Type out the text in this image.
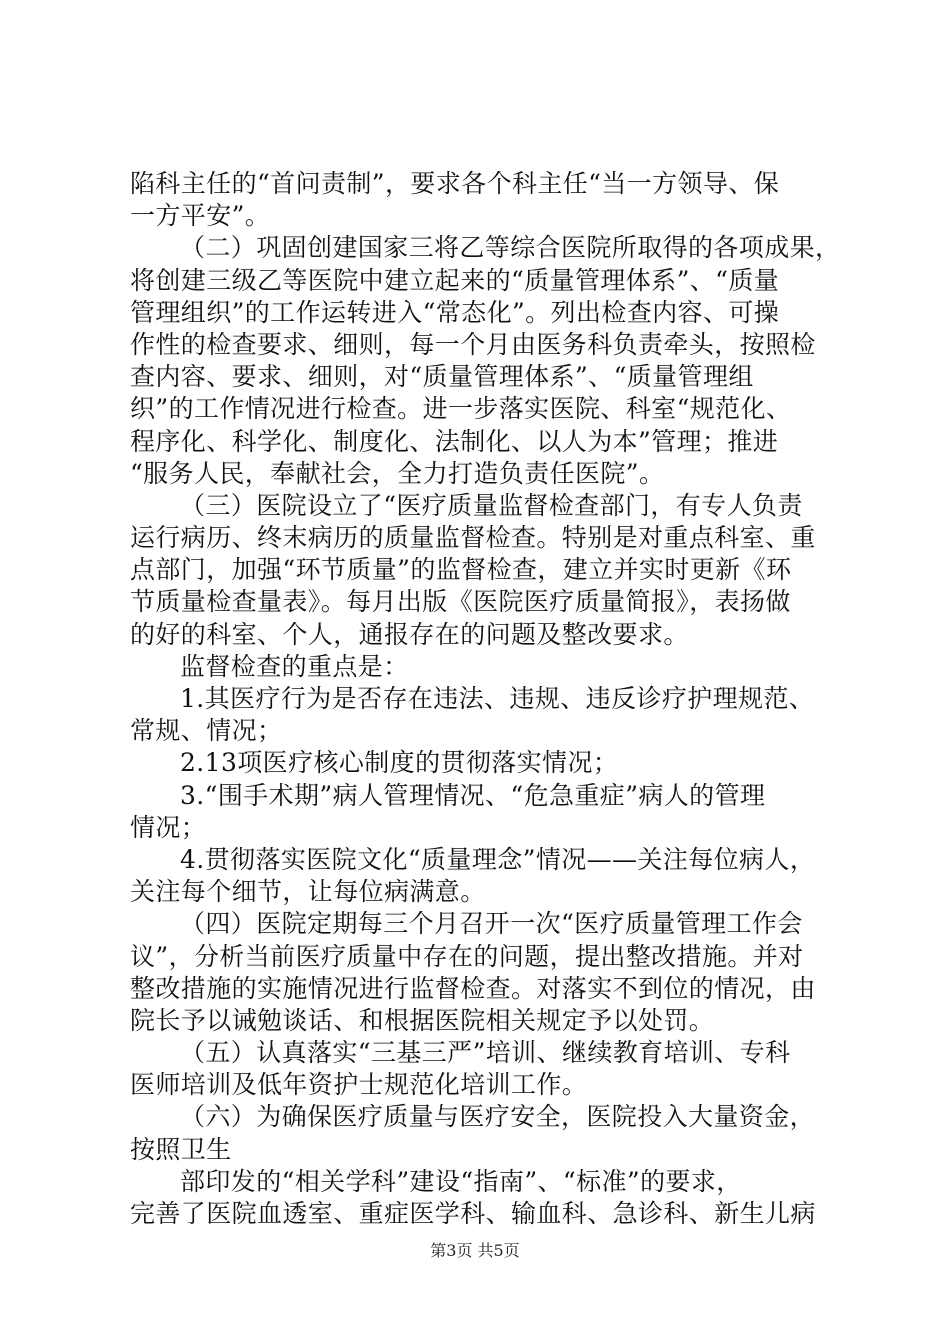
陷科主任的“首问责制”，要求各个科主任“当一方领导、保
一方平安”。
（二）巩固创建国家三将乙等综合医院所取得的各项成果，
将创建三级乙等医院中建立起来的“质量管理体系”、“质量
管理组织”的工作运转进入“常态化”。列出检查内容、可操
作性的检查要求、细则，每一个月由医务科负责牵头，按照检
查内容、要求、细则，对“质量管理体系”、“质量管理组
织”的工作情况进行检查。进一步落实医院、科室“规范化、
程序化、科学化、制度化、法制化、以人为本”管理；推进
“服务人民，奉献社会，全力打造负责任医院”。
（三）医院设立了“医疗质量监督检查部门，有专人负责
运行病历、终末病历的质量监督检查。特别是对重点科室、重
点部门，加强“环节质量”的监督检查，建立并实时更新《环
节质量检查量表》。每月出版《医院医疗质量简报》，表扬做
的好的科室、个人，通报存在的问题及整改要求。
监督检查的重点是：
1.其医疗行为是否存在违法、违规、违反诊疗护理规范、
常规、情况；
2.13项医疗核心制度的贯彻落实情况；
3.“围手术期”病人管理情况、“危急重症”病人的管理
情况；
4.贯彻落实医院文化“质量理念”情况——关注每位病人，
关注每个细节，让每位病满意。
（四）医院定期每三个月召开一次“医疗质量管理工作会
议”，分析当前医疗质量中存在的问题，提出整改措施。并对
整改措施的实施情况进行监督检查。对落实不到位的情况，由
院长予以诫勉谈话、和根据医院相关规定予以处罚。
（五）认真落实“三基三严”培训、继续教育培训、专科
医师培训及低年资护士规范化培训工作。
（六）为确保医疗质量与医疗安全，医院投入大量资金，
按照卫生
部印发的“相关学科”建设“指南”、“标准”的要求，
完善了医院血透室、重症医学科、输血科、急诊科、新生儿病
第3页 共5页
